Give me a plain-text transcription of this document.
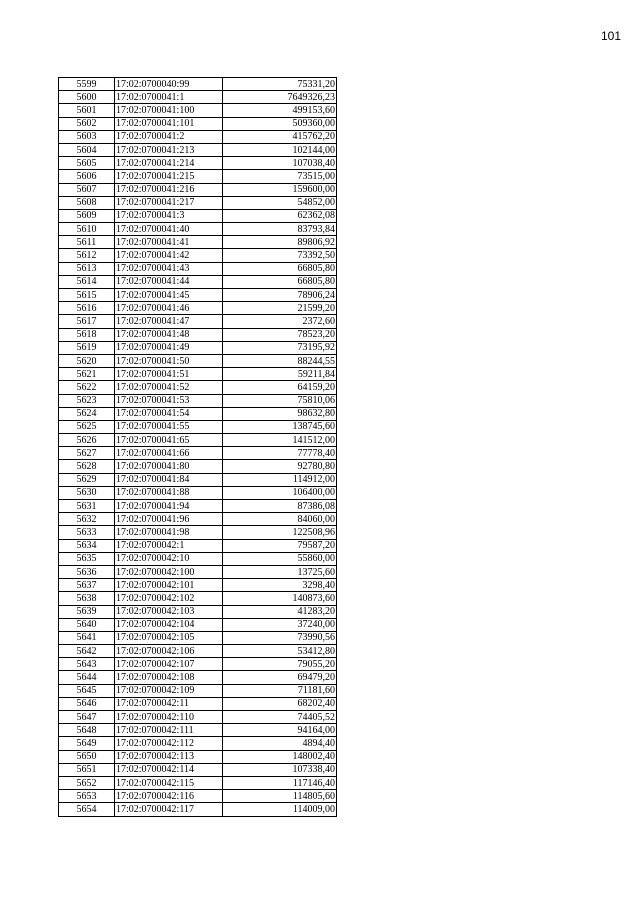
101
5599	17:02:0700040:99	75331,20
5600	17:02:0700041:1	7649326,23
5601	17:02:0700041:100	499153,60
5602	17:02:0700041:101	509360,00
5603	17:02:0700041:2	415762,20
5604	17:02:0700041:213	102144,00
5605	17:02:0700041:214	107038,40
5606	17:02:0700041:215	73515,00
5607	17:02:0700041:216	159600,00
5608	17:02:0700041:217	54852,00
5609	17:02:0700041:3	62362,08
5610	17:02:0700041:40	83793,84
5611	17:02:0700041:41	89806,92
5612	17:02:0700041:42	73392,50
5613	17:02:0700041:43	66805,80
5614	17:02:0700041:44	66805,80
5615	17:02:0700041:45	78906,24
5616	17:02:0700041:46	21599,20
5617	17:02:0700041:47	2372,60
5618	17:02:0700041:48	78523,20
5619	17:02:0700041:49	73195,92
5620	17:02:0700041:50	88244,55
5621	17:02:0700041:51	59211,84
5622	17:02:0700041:52	64159,20
5623	17:02:0700041:53	75810,06
5624	17:02:0700041:54	98632,80
5625	17:02:0700041:55	138745,60
5626	17:02:0700041:65	141512,00
5627	17:02:0700041:66	77778,40
5628	17:02:0700041:80	92780,80
5629	17:02:0700041:84	114912,00
5630	17:02:0700041:88	106400,00
5631	17:02:0700041:94	87386,08
5632	17:02:0700041:96	84060,00
5633	17:02:0700041:98	122508,96
5634	17:02:0700042:1	79587,20
5635	17:02:0700042:10	55860,00
5636	17:02:0700042:100	13725,60
5637	17:02:0700042:101	3298,40
5638	17:02:0700042:102	140873,60
5639	17:02:0700042:103	41283,20
5640	17:02:0700042:104	37240,00
5641	17:02:0700042:105	73990,56
5642	17:02:0700042:106	53412,80
5643	17:02:0700042:107	79055,20
5644	17:02:0700042:108	69479,20
5645	17:02:0700042:109	71181,60
5646	17:02:0700042:11	68202,40
5647	17:02:0700042:110	74405,52
5648	17:02:0700042:111	94164,00
5649	17:02:0700042:112	4894,40
5650	17:02:0700042:113	148002,40
5651	17:02:0700042:114	107338,40
5652	17:02:0700042:115	117146,40
5653	17:02:0700042:116	114805,60
5654	17:02:0700042:117	114009,00
